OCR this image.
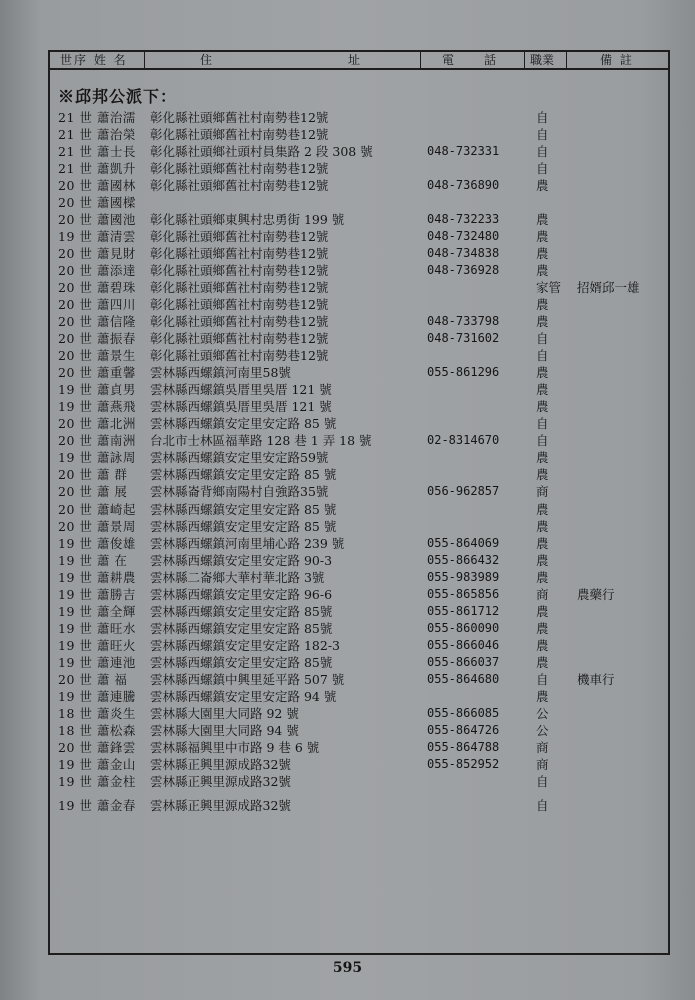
世序 姓 名	住	址	電 話	職業	備 註
※邱邦公派下：
21 世 蕭治濡	彰化縣社頭鄉舊社村南勢巷12號	自
21 世 蕭治榮	彰化縣社頭鄉舊社村南勢巷12號	自
21 世 蕭士長	彰化縣社頭鄉社頭村員集路 2 段 308 號	048-732331	自
21 世 蕭凱升	彰化縣社頭鄉舊社村南勢巷12號	自
20 世 蕭國林	彰化縣社頭鄉舊社村南勢巷12號	048-736890	農
20 世 蕭國樑
20 世 蕭國池	彰化縣社頭鄉東興村忠勇街 199 號	048-732233	農
19 世 蕭清雲	彰化縣社頭鄉舊社村南勢巷12號	048-732480	農
20 世 蕭見財	彰化縣社頭鄉舊社村南勢巷12號	048-734838	農
20 世 蕭添達	彰化縣社頭鄉舊社村南勢巷12號	048-736928	農
20 世 蕭碧珠	彰化縣社頭鄉舊社村南勢巷12號	家管 招婿邱一雄
20 世 蕭四川	彰化縣社頭鄉舊社村南勢巷12號	農
20 世 蕭信隆	彰化縣社頭鄉舊社村南勢巷12號	048-733798	農
20 世 蕭振春	彰化縣社頭鄉舊社村南勢巷12號	048-731602	自
20 世 蕭景生	彰化縣社頭鄉舊社村南勢巷12號	自
20 世 蕭重馨	雲林縣西螺鎮河南里58號	055-861296	農
19 世 蕭貞男	雲林縣西螺鎮吳厝里吳厝 121 號	農
19 世 蕭燕飛	雲林縣西螺鎮吳厝里吳厝 121 號	農
20 世 蕭北洲	雲林縣西螺鎮安定里安定路 85 號	自
20 世 蕭南洲	台北市士林區福華路 128 巷 1 弄 18 號	02-8314670	自
19 世 蕭詠周	雲林縣西螺鎮安定里安定路59號	農
20 世 蕭 群	雲林縣西螺鎮安定里安定路 85 號	農
20 世 蕭 展	雲林縣崙背鄉南陽村自強路35號	056-962857	商
20 世 蕭崎起	雲林縣西螺鎮安定里安定路 85 號	農
20 世 蕭景周	雲林縣西螺鎮安定里安定路 85 號	農
19 世 蕭俊雄	雲林縣西螺鎮河南里埔心路 239 號	055-864069	農
19 世 蕭 在	雲林縣西螺鎮安定里安定路 90-3	055-866432	農
19 世 蕭耕農	雲林縣二崙鄉大華村華北路 3號	055-983989	農
19 世 蕭勝吉	雲林縣西螺鎮安定里安定路 96-6	055-865856	商 農藥行
19 世 蕭全輝	雲林縣西螺鎮安定里安定路 85號	055-861712	農
19 世 蕭旺水	雲林縣西螺鎮安定里安定路 85號	055-860090	農
19 世 蕭旺火	雲林縣西螺鎮安定里安定路 182-3	055-866046	農
19 世 蕭連池	雲林縣西螺鎮安定里安定路 85號	055-866037	農
20 世 蕭 福	雲林縣西螺鎮中興里延平路 507 號	055-864680	自 機車行
19 世 蕭連騰	雲林縣西螺鎮安定里安定路 94 號	農
18 世 蕭炎生	雲林縣大園里大同路 92 號	055-866085	公
18 世 蕭松森	雲林縣大園里大同路 94 號	055-864726	公
20 世 蕭鋒雲	雲林縣福興里中市路 9 巷 6 號	055-864788	商
19 世 蕭金山	雲林縣正興里源成路32號	055-852952	商
19 世 蕭金柱	雲林縣正興里源成路32號	自
19 世 蕭金春	雲林縣正興里源成路32號	自
595
